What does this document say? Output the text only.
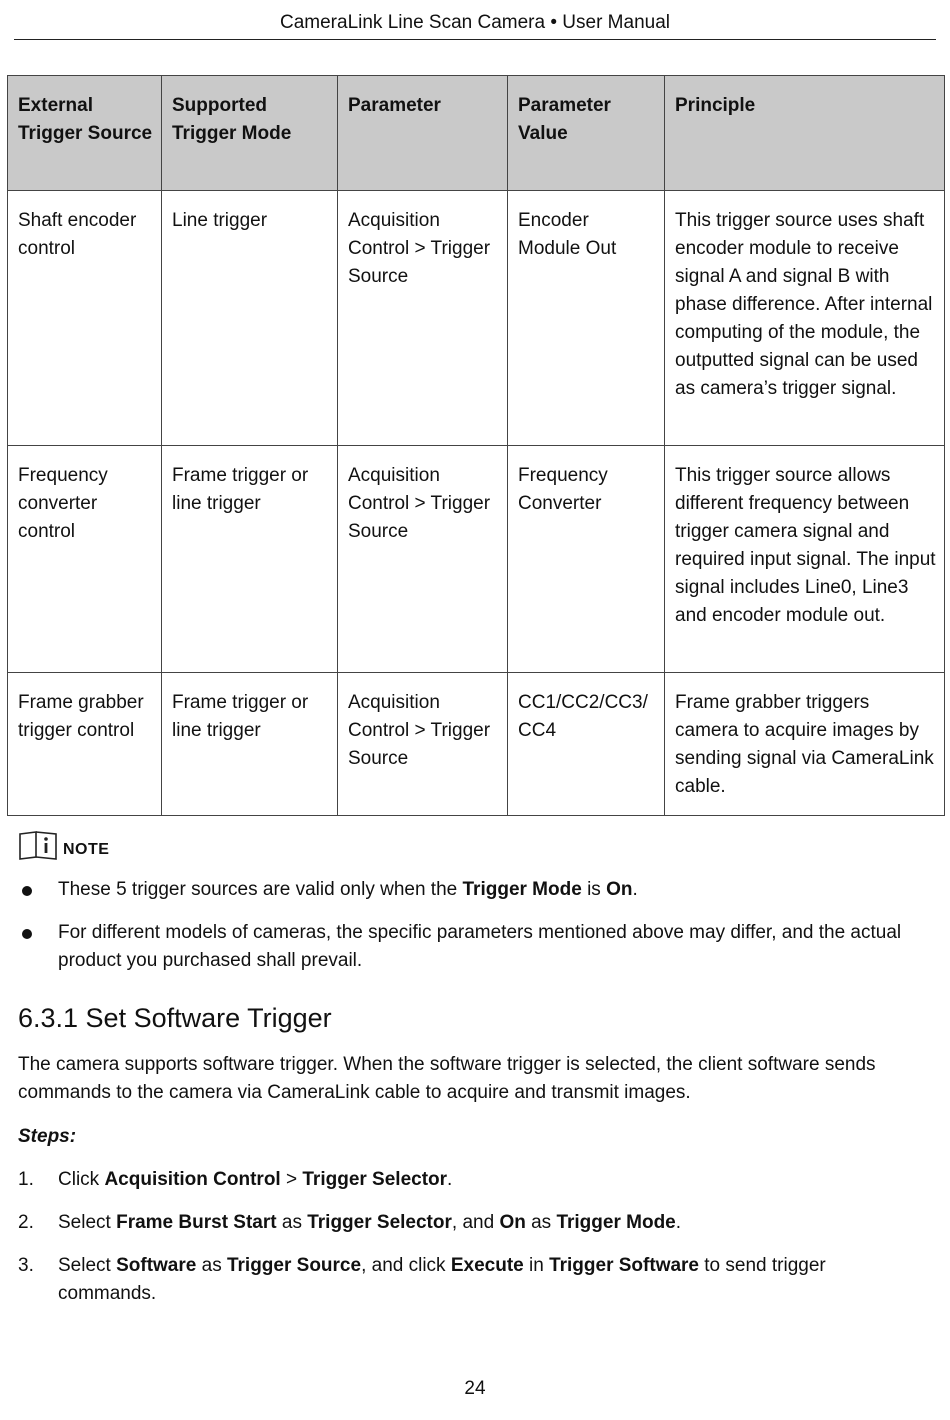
CameraLink Line Scan Camera • User Manual
External Trigger Source	Supported Trigger Mode	Parameter	Parameter Value	Principle
Shaft encoder control	Line trigger	Acquisition Control > Trigger Source	Encoder Module Out	This trigger source uses shaft encoder module to receive signal A and signal B with phase difference. After internal computing of the module, the outputted signal can be used as camera’s trigger signal.
Frequency converter control	Frame trigger or line trigger	Acquisition Control > Trigger Source	Frequency Converter	This trigger source allows different frequency between trigger camera signal and required input signal. The input signal includes Line0, Line3 and encoder module out.
Frame grabber trigger control	Frame trigger or line trigger	Acquisition Control > Trigger Source	CC1/CC2/CC3/CC4	Frame grabber triggers camera to acquire images by sending signal via CameraLink cable.
NOTE
These 5 trigger sources are valid only when the Trigger Mode is On.
For different models of cameras, the specific parameters mentioned above may differ, and the actual product you purchased shall prevail.
6.3.1 Set Software Trigger

The camera supports software trigger. When the software trigger is selected, the client software sends commands to the camera via CameraLink cable to acquire and transmit images.

Steps:
1. Click Acquisition Control > Trigger Selector.
2. Select Frame Burst Start as Trigger Selector, and On as Trigger Mode.
3. Select Software as Trigger Source, and click Execute in Trigger Software to send trigger commands.
24
